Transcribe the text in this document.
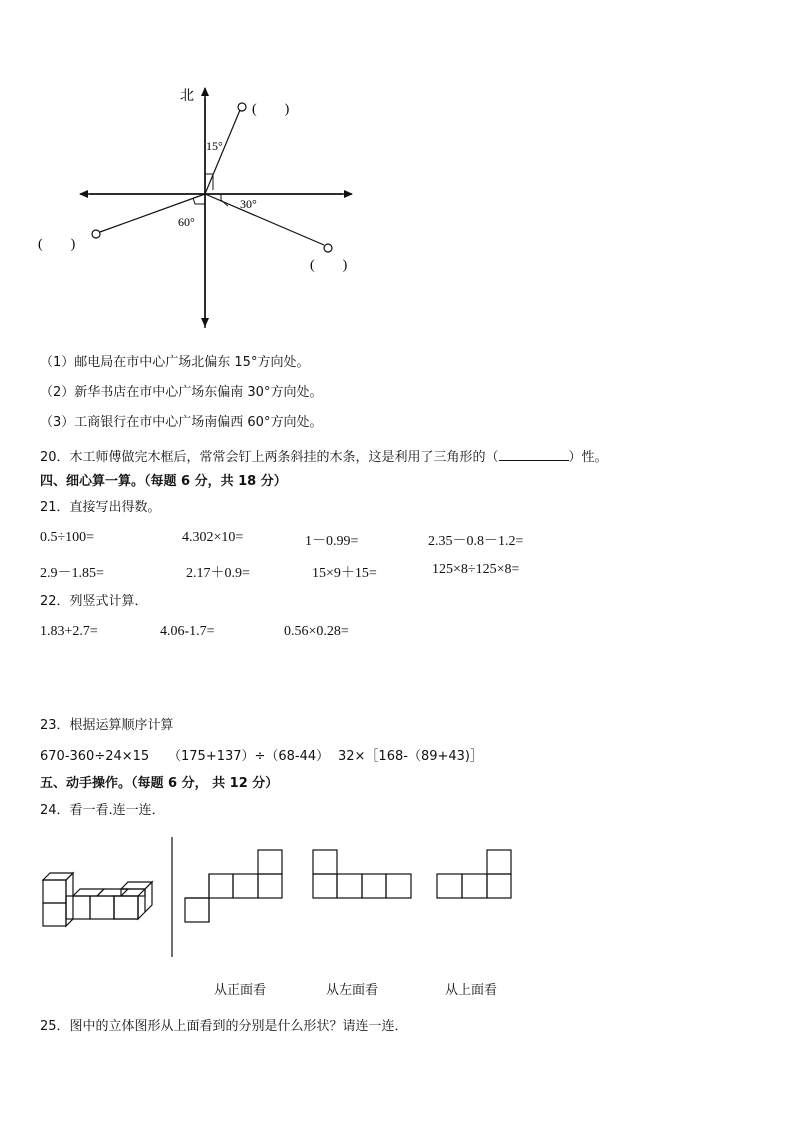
北
15°
30°
60°
(　　)
(　　)
(　　)
（1）邮电局在市中心广场北偏东 15°方向处。
（2）新华书店在市中心广场东偏南 30°方向处。
（3）工商银行在市中心广场南偏西 60°方向处。
20．木工师傅做完木框后，常常会钉上两条斜挂的木条，这是利用了三角形的（	）性。
四、细心算一算。（每题 6 分，共 18 分）
21．直接写出得数。
0.5÷100=	4.302×10=	1－0.99=	2.35－0.8－1.2=
2.9－1.85=	2.17＋0.9=	15×9＋15=	125×8÷125×8=
22．列竖式计算．
1.83+2.7=	4.06-1.7=	0.56×0.28=
23．根据运算顺序计算
670-360÷24×15 （175+137）÷（68-44） 32×［168-（89+43)］
五、动手操作。（每题 6 分， 共 12 分）
24．看一看.连一连．
从正面看	从左面看	从上面看
25．图中的立体图形从上面看到的分别是什么形状？请连一连．
